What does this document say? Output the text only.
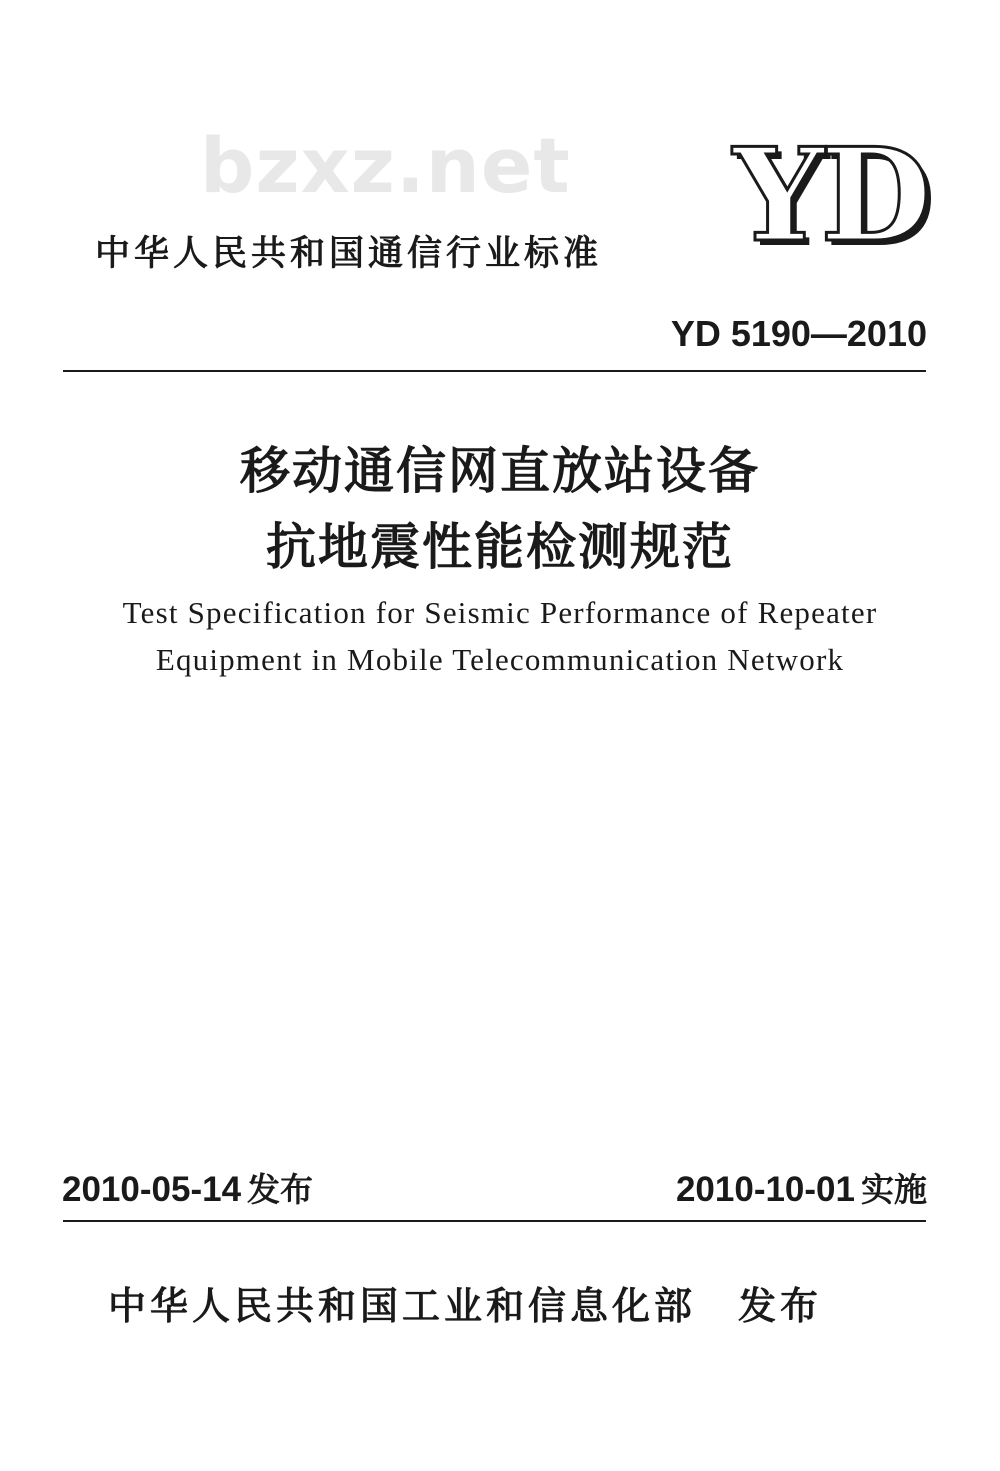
bzxz.net YD
中华人民共和国通信行业标准
YD 5190—2010
移动通信网直放站设备
抗地震性能检测规范
Test Specification for Seismic Performance of Repeater
Equipment in Mobile Telecommunication Network
2010-05-14 发布	2010-10-01 实施
中华人民共和国工业和信息化部 发布
